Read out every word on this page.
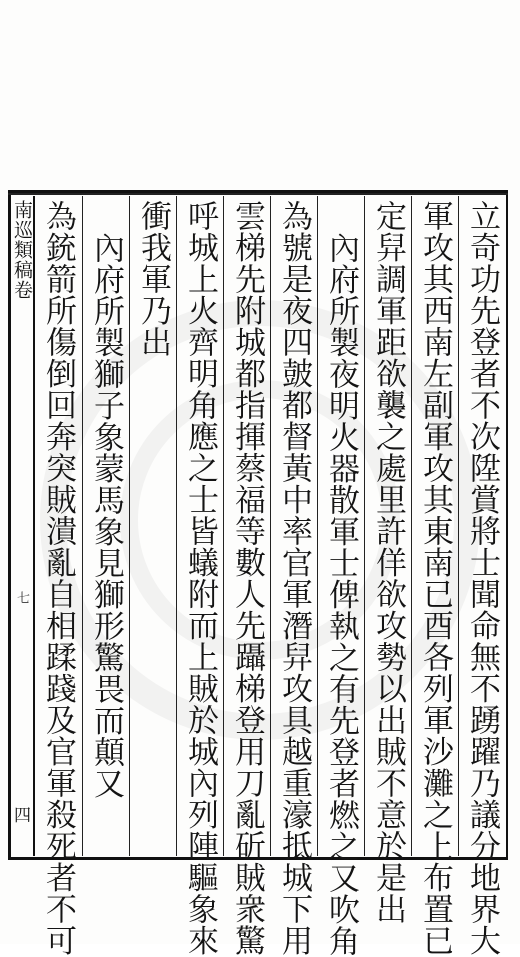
南巡類稿卷
七
四	立奇功先登者不次陞賞將士聞命無不踴躍乃議分地界大
軍攻其西南左副軍攻其東南已酉各列軍沙灘之上布置已
定舁調軍距欲襲之處里許佯欲攻勢以出賊不意於是出
內府所製夜明火器散軍士俾執之有先登者燃之又吹角
為號是夜四皷都督黃中率官軍潛舁攻具越重濠抵城下用
雲梯先附城都指揮蔡福等數人先躡梯登用刀亂斫賊衆驚
呼城上火齊明角應之士皆蟻附而上賊於城內列陣驅象來
衝我軍乃出
內府所製獅子象蒙馬象見獅形驚畏而顛又
為銃箭所傷倒回奔突賊潰亂自相蹂踐及官軍殺死者不可
